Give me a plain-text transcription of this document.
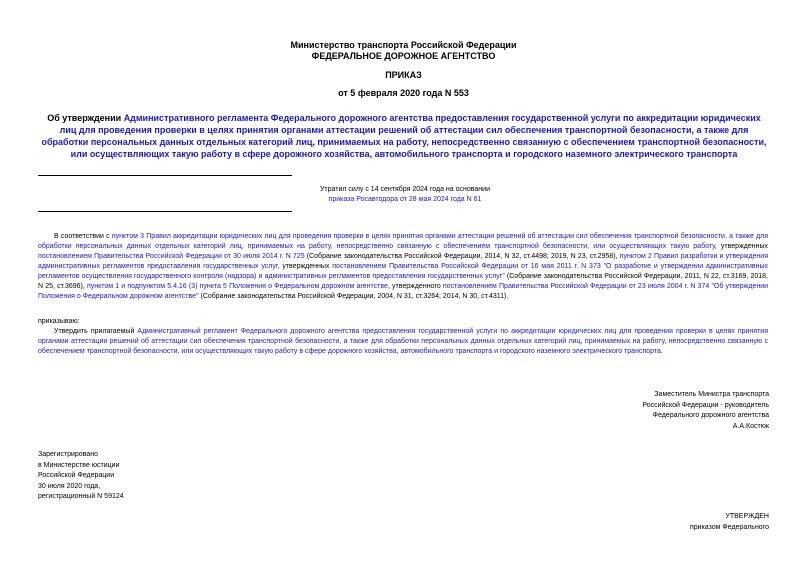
Министерство транспорта Российской Федерации
ФЕДЕРАЛЬНОЕ ДОРОЖНОЕ АГЕНТСТВО
ПРИКАЗ
от 5 февраля 2020 года N 553
Об утверждении Административного регламента Федерального дорожного агентства предоставления государственной услуги по аккредитации юридических лиц для проведения проверки в целях принятия органами аттестации решений об аттестации сил обеспечения транспортной безопасности, а также для обработки персональных данных отдельных категорий лиц, принимаемых на работу, непосредственно связанную с обеспечением транспортной безопасности, или осуществляющих такую работу в сфере дорожного хозяйства, автомобильного транспорта и городского наземного электрического транспорта
Утратил силу с 14 сентября 2024 года на основании
приказа Росавтодора от 28 мая 2024 года N 61
В соответствии с пунктом 3 Правил аккредитации юридических лиц для проведения проверки в целях принятия органами аттестации решений об аттестации сил обеспечения транспортной безопасности, а также для обработки персональных данных отдельных категорий лиц, принимаемых на работу, непосредственно связанную с обеспечением транспортной безопасности, или осуществляющих такую работу, утвержденных постановлением Правительства Российской Федерации от 30 июля 2014 г. N 725 (Собрание законодательства Российской Федерации, 2014, N 32, ст.4498; 2019, N 23, ст.2958), пунктом 2 Правил разработки и утверждения административных регламентов предоставления государственных услуг, утвержденных постановлением Правительства Российской Федерации от 16 мая 2011 г. N 373 "О разработке и утверждении административных регламентов осуществления государственного контроля (надзора) и административных регламентов предоставления государственных услуг" (Собрание законодательства Российской Федерации, 2011, N 22, ст.3169, 2018, N 25, ст.3696), пунктом 1 и подпунктом 5.4.16 (3) пункта 5 Положения о Федеральном дорожном агентстве, утвержденного постановлением Правительства Российской Федерации от 23 июля 2004 г. N 374 "Об утверждении Положения о Федеральном дорожном агентстве" (Собрание законодательства Российской Федерации, 2004, N 31, ст.3264; 2014, N 30, ст.4311).
приказываю:
Утвердить прилагаемый Административный регламент Федерального дорожного агентства предоставления государственной услуги по аккредитации юридических лиц для проведения проверки в целях принятия органами аттестации решений об аттестации сил обеспечения транспортной безопасности, а также для обработки персональных данных отдельных категорий лиц, принимаемых на работу, непосредственно связанную с обеспечением транспортной безопасности, или осуществляющих такую работу в сфере дорожного хозяйства, автомобильного транспорта и городского наземного электрического транспорта.
Заместитель Министра транспорта
Российской Федерации - руководитель
Федерального дорожного агентства
А.А.Костюк
Зарегистрировано
в Министерстве юстиции
Российской Федерации
30 июля 2020 года,
регистрационный N 59124
УТВЕРЖДЕН
приказом Федерального
